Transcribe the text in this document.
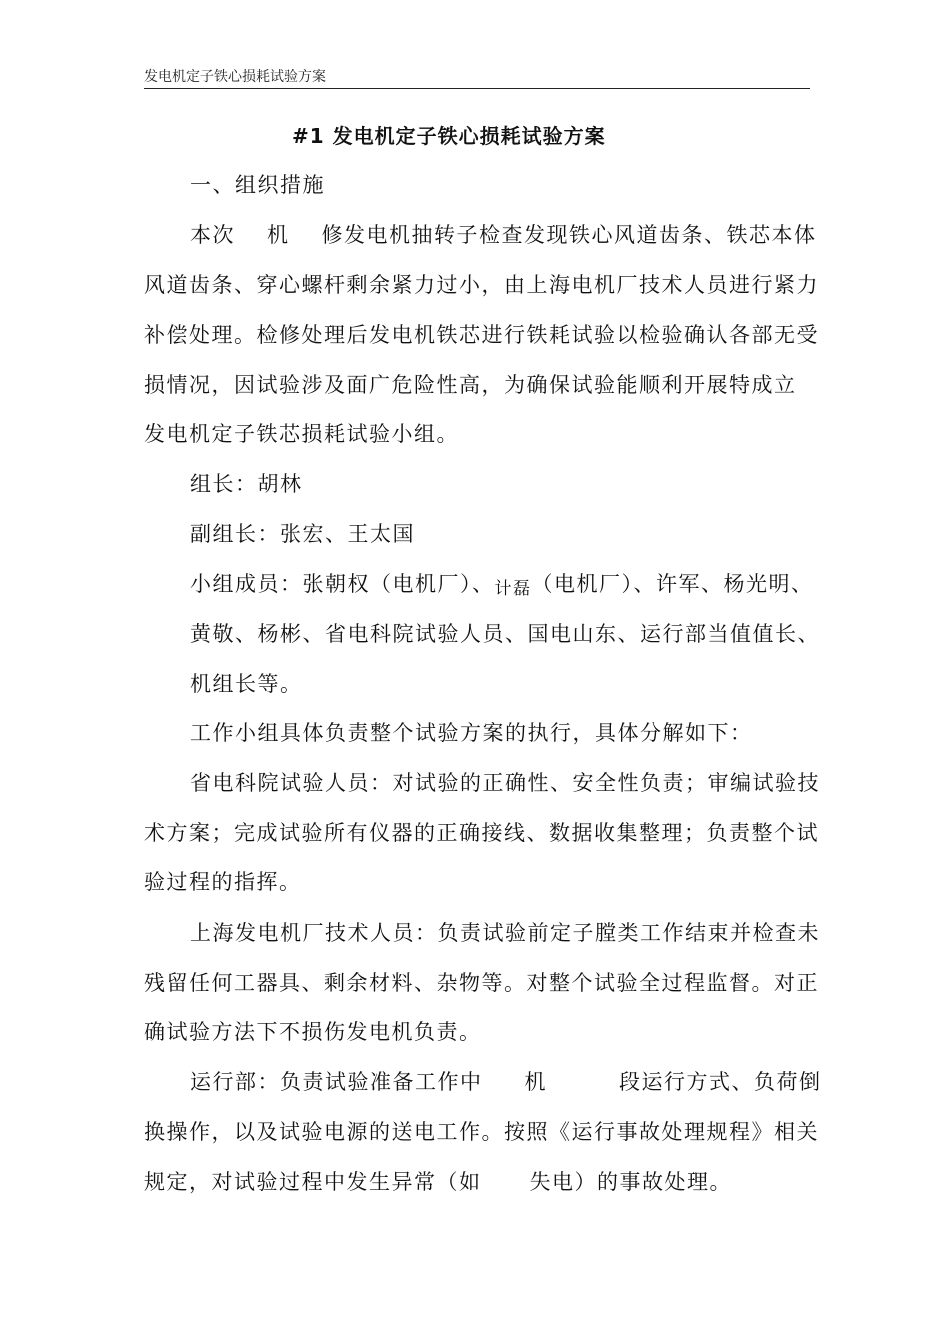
发电机定子铁心损耗试验方案
#1 发电机定子铁心损耗试验方案
一、组织措施
本次 机 修发电机抽转子检查发现铁心风道齿条、铁芯本体
风道齿条、穿心螺杆剩余紧力过小，由上海电机厂技术人员进行紧力
补偿处理。检修处理后发电机铁芯进行铁耗试验以检验确认各部无受
损情况，因试验涉及面广危险性高，为确保试验能顺利开展特成立
发电机定子铁芯损耗试验小组。
组长：胡林
副组长：张宏、王太国
小组成员：张朝权（电机厂）、计磊（电机厂）、许军、杨光明、
黄敬、杨彬、省电科院试验人员、国电山东、运行部当值值长、
机组长等。
工作小组具体负责整个试验方案的执行，具体分解如下：
省电科院试验人员：对试验的正确性、安全性负责；审编试验技
术方案；完成试验所有仪器的正确接线、数据收集整理；负责整个试
验过程的指挥。
上海发电机厂技术人员：负责试验前定子膛类工作结束并检查未
残留任何工器具、剩余材料、杂物等。对整个试验全过程监督。对正
确试验方法下不损伤发电机负责。
运行部：负责试验准备工作中 机	段运行方式、负荷倒
换操作，以及试验电源的送电工作。按照《运行事故处理规程》相关
规定，对试验过程中发生异常（如 失电）的事故处理。
